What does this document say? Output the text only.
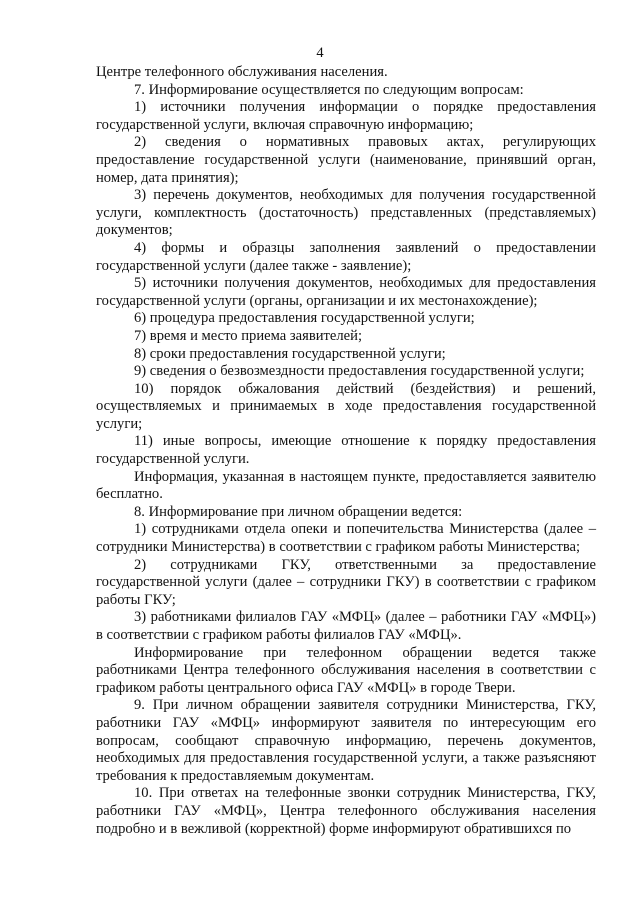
4

Центре телефонного обслуживания населения.

7. Информирование осуществляется по следующим вопросам:

1) источники получения информации о порядке предоставления государственной услуги, включая справочную информацию;

2) сведения о нормативных правовых актах, регулирующих предоставление государственной услуги (наименование, принявший орган, номер, дата принятия);

3) перечень документов, необходимых для получения государственной услуги, комплектность (достаточность) представленных (представляемых) документов;

4) формы и образцы заполнения заявлений о предоставлении государственной услуги (далее также - заявление);

5) источники получения документов, необходимых для предоставления государственной услуги (органы, организации и их местонахождение);

6) процедура предоставления государственной услуги;

7) время и место приема заявителей;

8) сроки предоставления государственной услуги;

9) сведения о безвозмездности предоставления государственной услуги;

10) порядок обжалования действий (бездействия) и решений, осуществляемых и принимаемых в ходе предоставления государственной услуги;

11) иные вопросы, имеющие отношение к порядку предоставления государственной услуги.

Информация, указанная в настоящем пункте, предоставляется заявителю бесплатно.

8. Информирование при личном обращении ведется:

1) сотрудниками отдела опеки и попечительства Министерства (далее – сотрудники Министерства) в соответствии с графиком работы Министерства;

2) сотрудниками ГКУ, ответственными за предоставление государственной услуги (далее – сотрудники ГКУ) в соответствии с графиком работы ГКУ;

3) работниками филиалов ГАУ «МФЦ» (далее – работники ГАУ «МФЦ») в соответствии с графиком работы филиалов ГАУ «МФЦ».

Информирование при телефонном обращении ведется также работниками Центра телефонного обслуживания населения в соответствии с графиком работы центрального офиса ГАУ «МФЦ» в городе Твери.

9. При личном обращении заявителя сотрудники Министерства, ГКУ, работники ГАУ «МФЦ» информируют заявителя по интересующим его вопросам, сообщают справочную информацию, перечень документов, необходимых для предоставления государственной услуги, а также разъясняют требования к предоставляемым документам.

10. При ответах на телефонные звонки сотрудник Министерства, ГКУ, работники ГАУ «МФЦ», Центра телефонного обслуживания населения подробно и в вежливой (корректной) форме информируют обратившихся по
